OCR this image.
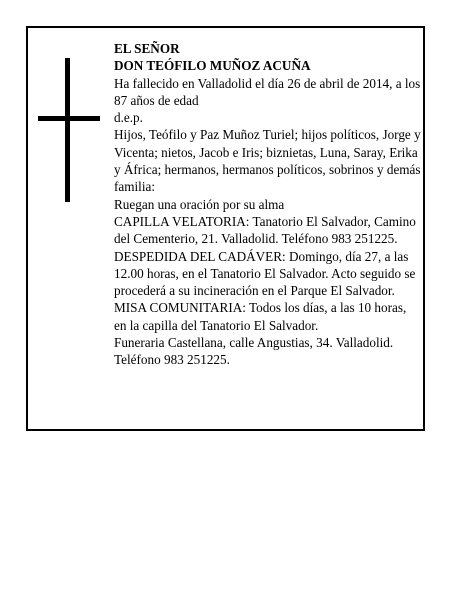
EL SEÑOR

DON TEÓFILO MUÑOZ ACUÑA

Ha fallecido en Valladolid el día 26 de abril de 2014, a los 87 años de edad

d.e.p.

Hijos, Teófilo y Paz Muñoz Turiel; hijos políticos, Jorge y Vicenta; nietos, Jacob e Iris; biznietas, Luna, Saray, Erika y África; hermanos, hermanos políticos, sobrinos y demás familia:

Ruegan una oración por su alma

CAPILLA VELATORIA: Tanatorio El Salvador, Camino del Cementerio, 21. Valladolid. Teléfono 983 251225.

DESPEDIDA DEL CADÁVER: Domingo, día 27, a las 12.00 horas, en el Tanatorio El Salvador. Acto seguido se procederá a su incineración en el Parque El Salvador.

MISA COMUNITARIA: Todos los días, a las 10 horas, en la capilla del Tanatorio El Salvador.

Funeraria Castellana, calle Angustias, 34. Valladolid. Teléfono 983 251225.
